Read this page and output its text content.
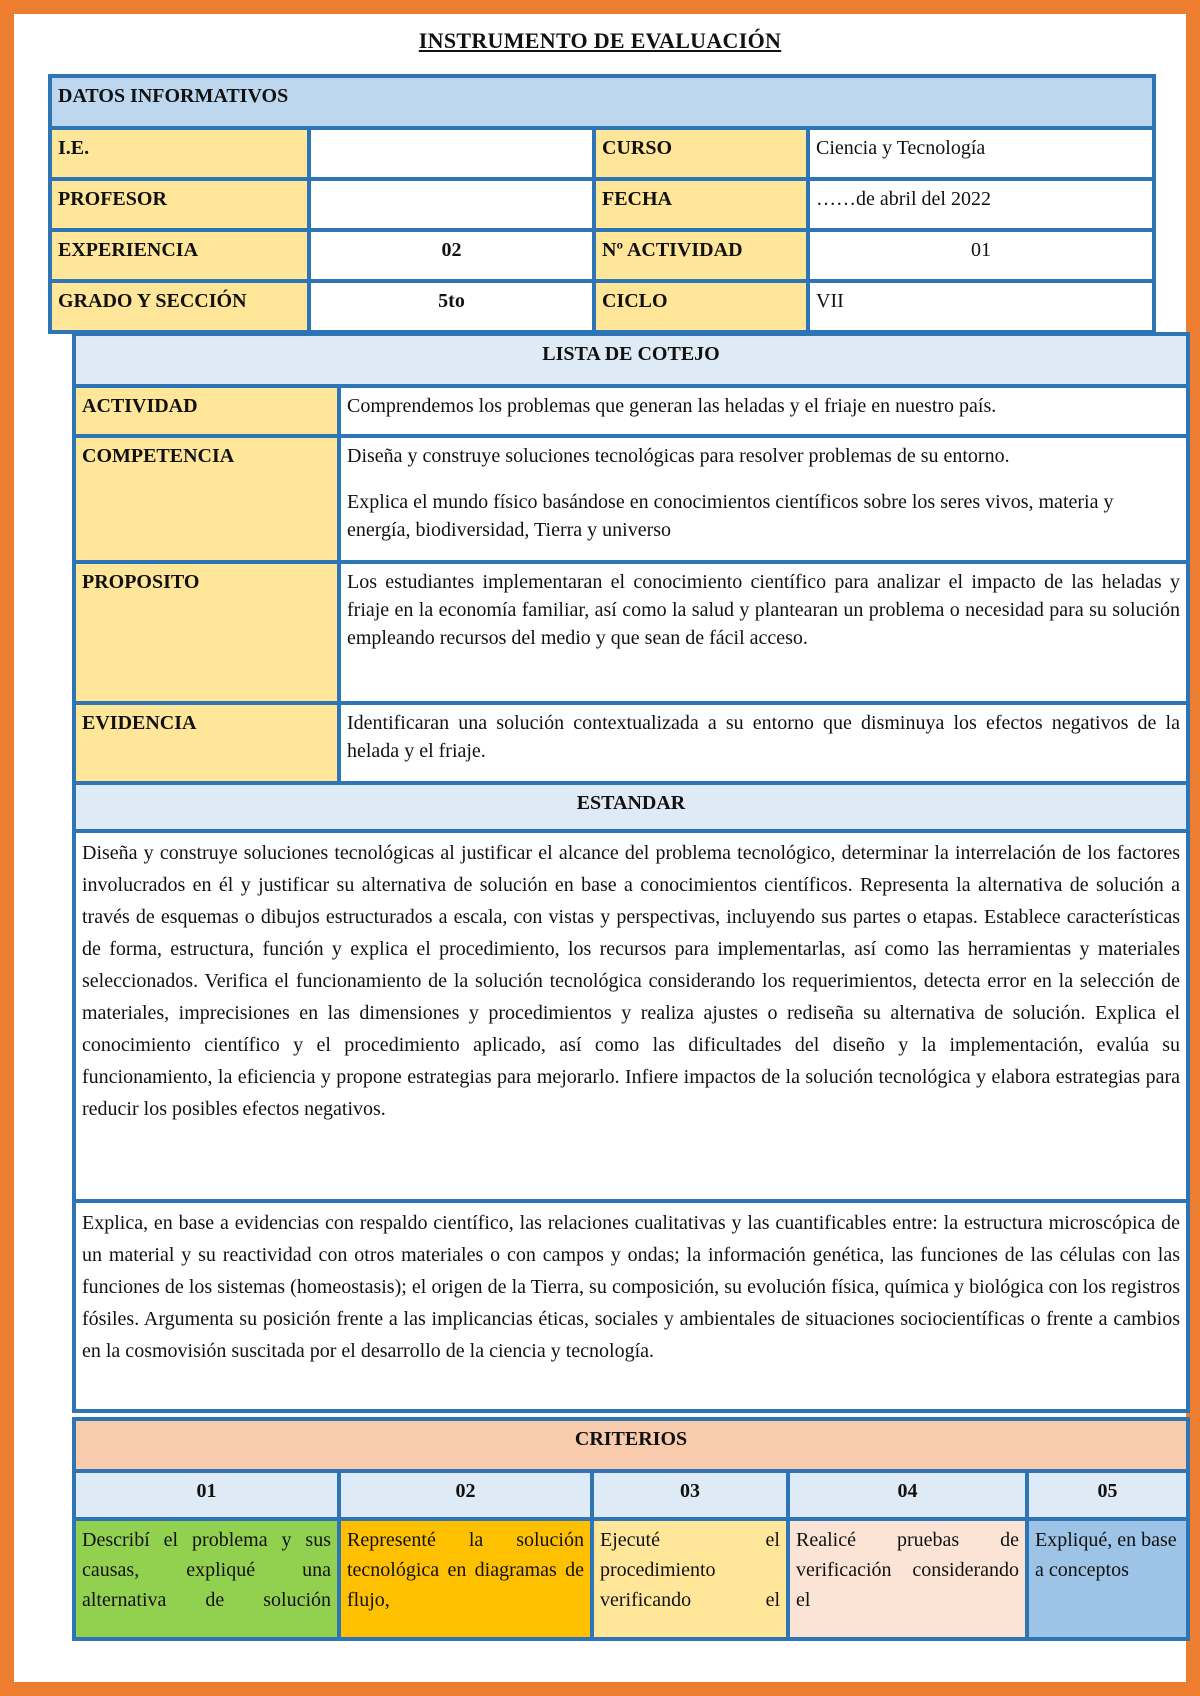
INSTRUMENTO DE EVALUACIÓN
DATOS INFORMATIVOS			
I.E.		CURSO	Ciencia y Tecnología
PROFESOR		FECHA	……de abril del 2022
EXPERIENCIA	02	Nº ACTIVIDAD	01
GRADO Y SECCIÓN	5to	CICLO	VII
LISTA DE COTEJO	
ACTIVIDAD	Comprendemos los problemas que generan las heladas y el friaje en nuestro país.
COMPETENCIA	Diseña y construye soluciones tecnológicas para resolver problemas de su entorno.

Explica el mundo físico basándose en conocimientos científicos sobre los seres vivos, materia y energía, biodiversidad, Tierra y universo

PROPOSITO	Los estudiantes implementaran el conocimiento científico para analizar el impacto de las heladas y friaje en la economía familiar, así como la salud y plantearan un problema o necesidad para su solución empleando recursos del medio y que sean de fácil acceso.
EVIDENCIA	Identificaran una solución contextualizada a su entorno que disminuya los efectos negativos de la helada y el friaje.
ESTANDAR	
Diseña y construye soluciones tecnológicas al justificar el alcance del problema tecnológico, determinar la interrelación de los factores involucrados en él y justificar su alternativa de solución en base a conocimientos científicos. Representa la alternativa de solución a través de esquemas o dibujos estructurados a escala, con vistas y perspectivas, incluyendo sus partes o etapas. Establece características de forma, estructura, función y explica el procedimiento, los recursos para implementarlas, así como las herramientas y materiales seleccionados. Verifica el funcionamiento de la solución tecnológica considerando los requerimientos, detecta error en la selección de materiales, imprecisiones en las dimensiones y procedimientos y realiza ajustes o rediseña su alternativa de solución. Explica el conocimiento científico y el procedimiento aplicado, así como las dificultades del diseño y la implementación, evalúa su funcionamiento, la eficiencia y propone estrategias para mejorarlo. Infiere impactos de la solución tecnológica y elabora estrategias para reducir los posibles efectos negativos.	
Explica, en base a evidencias con respaldo científico, las relaciones cualitativas y las cuantificables entre: la estructura microscópica de un material y su reactividad con otros materiales o con campos y ondas; la información genética, las funciones de las células con las funciones de los sistemas (homeostasis); el origen de la Tierra, su composición, su evolución física, química y biológica con los registros fósiles. Argumenta su posición frente a las implicancias éticas, sociales y ambientales de situaciones sociocientíficas o frente a cambios en la cosmovisión suscitada por el desarrollo de la ciencia y tecnología.	
CRITERIOS				
01	02	03	04	05

Describí el problema y sus causas, expliqué una alternativa de solución	Representé la solución tecnológica en diagramas de flujo,	Ejecuté el procedimiento verificando el	Realicé pruebas de verificación considerando el	Expliqué, en base a conceptos
